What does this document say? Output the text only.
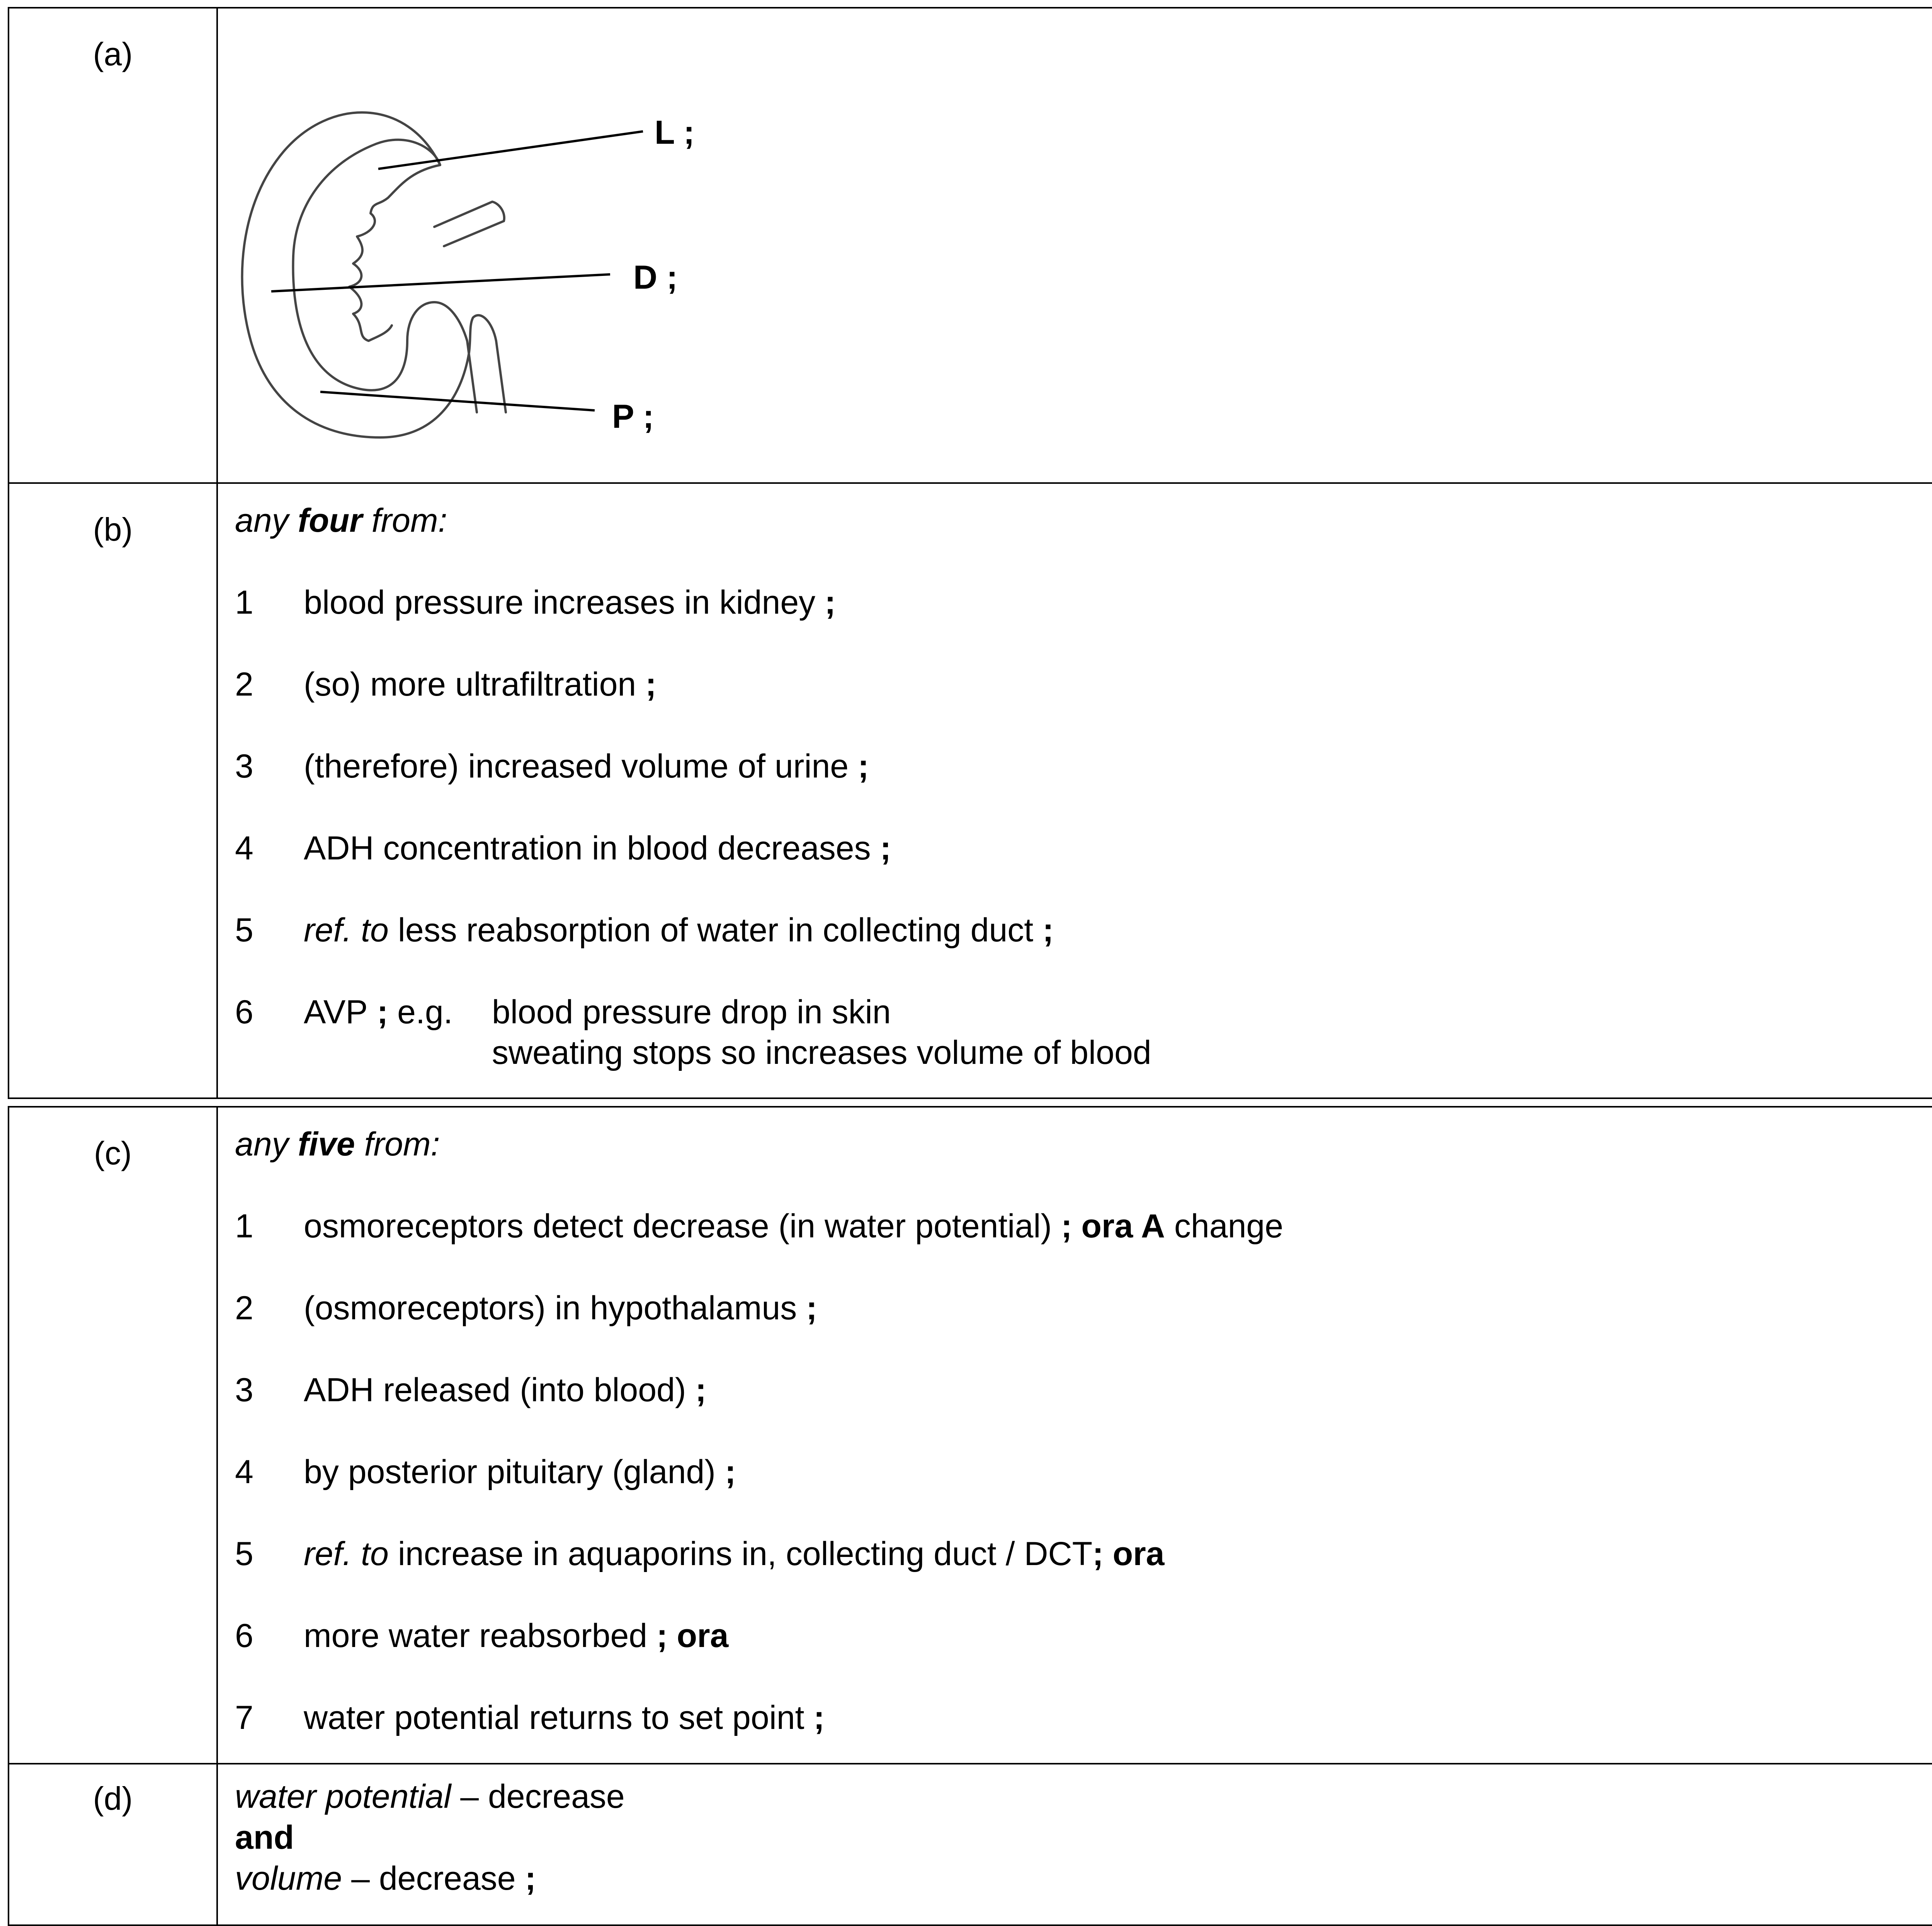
(a)
L ;
D ;
P ;
(b)	any four from:
1 blood pressure increases in kidney ;
2 (so) more ultrafiltration ;
3 (therefore) increased volume of urine ;
4 ADH concentration in blood decreases ;
5 ref. to less reabsorption of water in collecting duct ;
6 AVP ; e.g. blood pressure drop in skin
sweating stops so increases volume of blood
(c)	any five from:
1 osmoreceptors detect decrease (in water potential) ; ora A change
2 (osmoreceptors) in hypothalamus ;
3 ADH released (into blood) ;
4 by posterior pituitary (gland) ;
5 ref. to increase in aquaporins in, collecting duct / DCT; ora
6 more water reabsorbed ; ora
7 water potential returns to set point ;
(d)	water potential – decrease
and
volume – decrease ;
